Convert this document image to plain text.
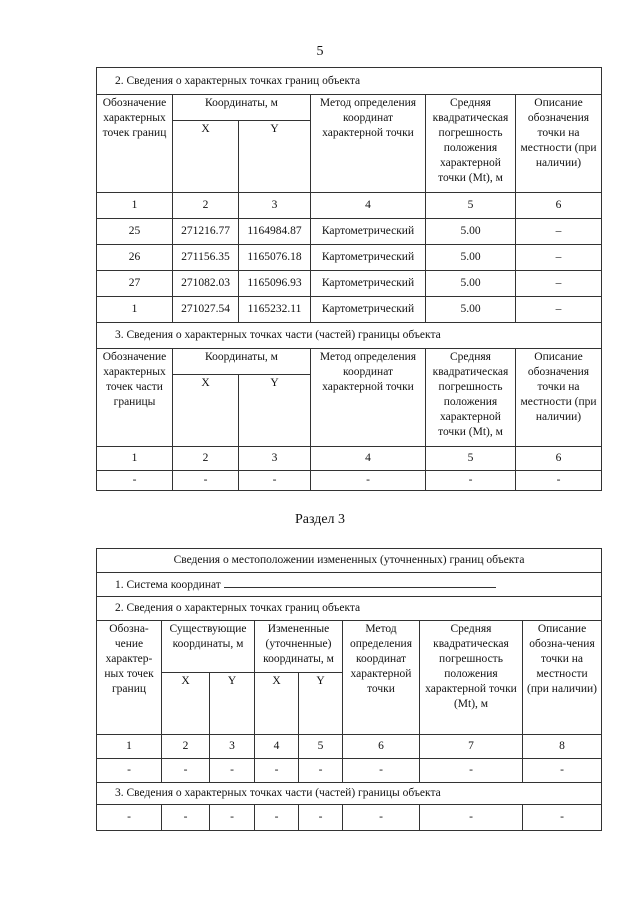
5
2. Сведения о характерных точках границ объекта					
Обозначение характерных точек границ	Координаты, м		Метод определения координат характерной точки	Средняя квадратическая погрешность положения характерной точки (Mt), м	Описание обозначения точки на местности (при наличии)
	X	Y			
1	2	3	4	5	6
25	271216.77	1164984.87	Картометрический	5.00	–
26	271156.35	1165076.18	Картометрический	5.00	–
27	271082.03	1165096.93	Картометрический	5.00	–
1	271027.54	1165232.11	Картометрический	5.00	–
3. Сведения о характерных точках части (частей) границы объекта					
Обозначение характерных точек части границы	Координаты, м		Метод определения координат характерной точки	Средняя квадратическая погрешность положения характерной точки (Mt), м	Описание обозначения точки на местности (при наличии)
	X	Y			
1	2	3	4	5	6
-	-	-	-	-	-
Раздел 3
Сведения о местоположении измененных (уточненных) границ объекта							
1. Система координат							
2. Сведения о характерных точках границ объекта							
Обозна-чение характер-ных точек границ	Существующие координаты, м		Измененные (уточненные) координаты, м		Метод определения координат характерной точки	Средняя квадратическая погрешность положения характерной точки (Mt), м	Описание обозна-чения точки на местности (при наличии)
	X	Y	X	Y			
1	2	3	4	5	6	7	8
-	-	-	-	-	-	-	-
3. Сведения о характерных точках части (частей) границы объекта							
-	-	-	-	-	-	-	-
